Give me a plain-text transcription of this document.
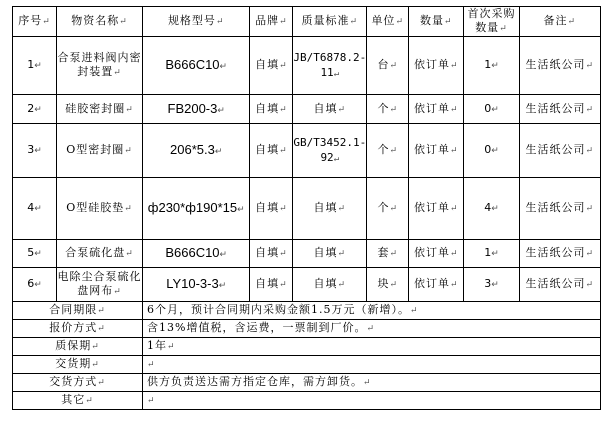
序号↵	物资名称↵	规格型号↵	品牌↵	质量标准↵	单位↵	数量↵	首次采购数量↵	备注↵
1↵	合泵进料阀内密封装置↵	B666C10↵	自填↵	JB/T6878.2-11↵	台↵	依订单↵	1↵	生活纸公司↵
2↵	硅胶密封圈↵	FB200-3↵	自填↵	自填↵	个↵	依订单↵	0↵	生活纸公司↵
3↵	O型密封圈↵	206*5.3↵	自填↵	GB/T3452.1-92↵	个↵	依订单↵	0↵	生活纸公司↵
4↵	O型硅胶垫↵	ф230*ф190*15↵	自填↵	自填↵	个↵	依订单↵	4↵	生活纸公司↵
5↵	合泵硫化盘↵	B666C10↵	自填↵	自填↵	套↵	依订单↵	1↵	生活纸公司↵
6↵	电除尘合泵硫化盘网布↵	LY10-3-3↵	自填↵	自填↵	块↵	依订单↵	3↵	生活纸公司↵
合同期限↵		6个月，预计合同期内采购金额1.5万元（新增）。↵						
报价方式↵		含13%增值税，含运费，一票制到厂价。↵						
质保期↵		1年↵						
交货期↵		↵						
交货方式↵		供方负责送达需方指定仓库，需方卸货。↵						
其它↵		↵						
